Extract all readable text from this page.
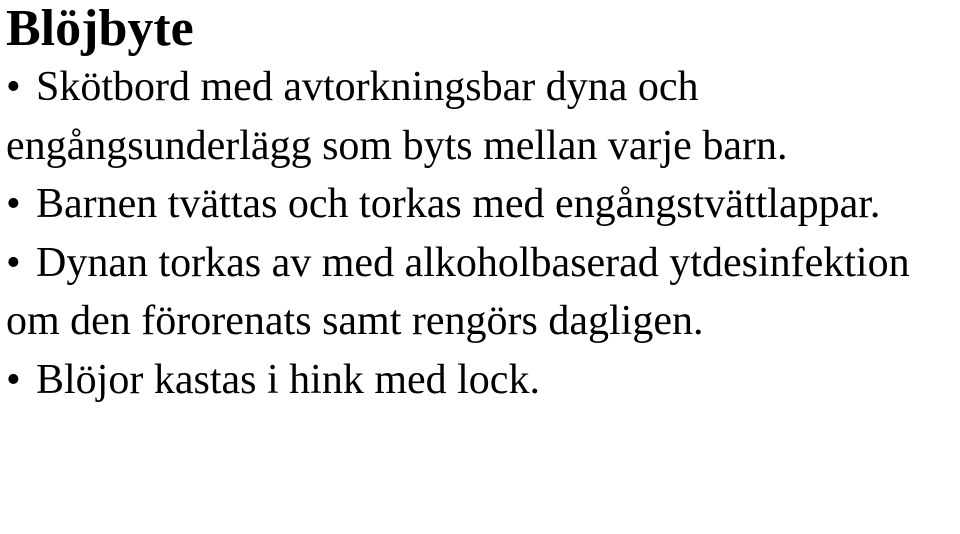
Blöjbyte
• Skötbord med avtorkningsbar dyna och engångsunderlägg som byts mellan varje barn.
• Barnen tvättas och torkas med engångstvättlappar.
• Dynan torkas av med alkoholbaserad ytdesinfektion om den förorenats samt rengörs dagligen.
• Blöjor kastas i hink med lock.
